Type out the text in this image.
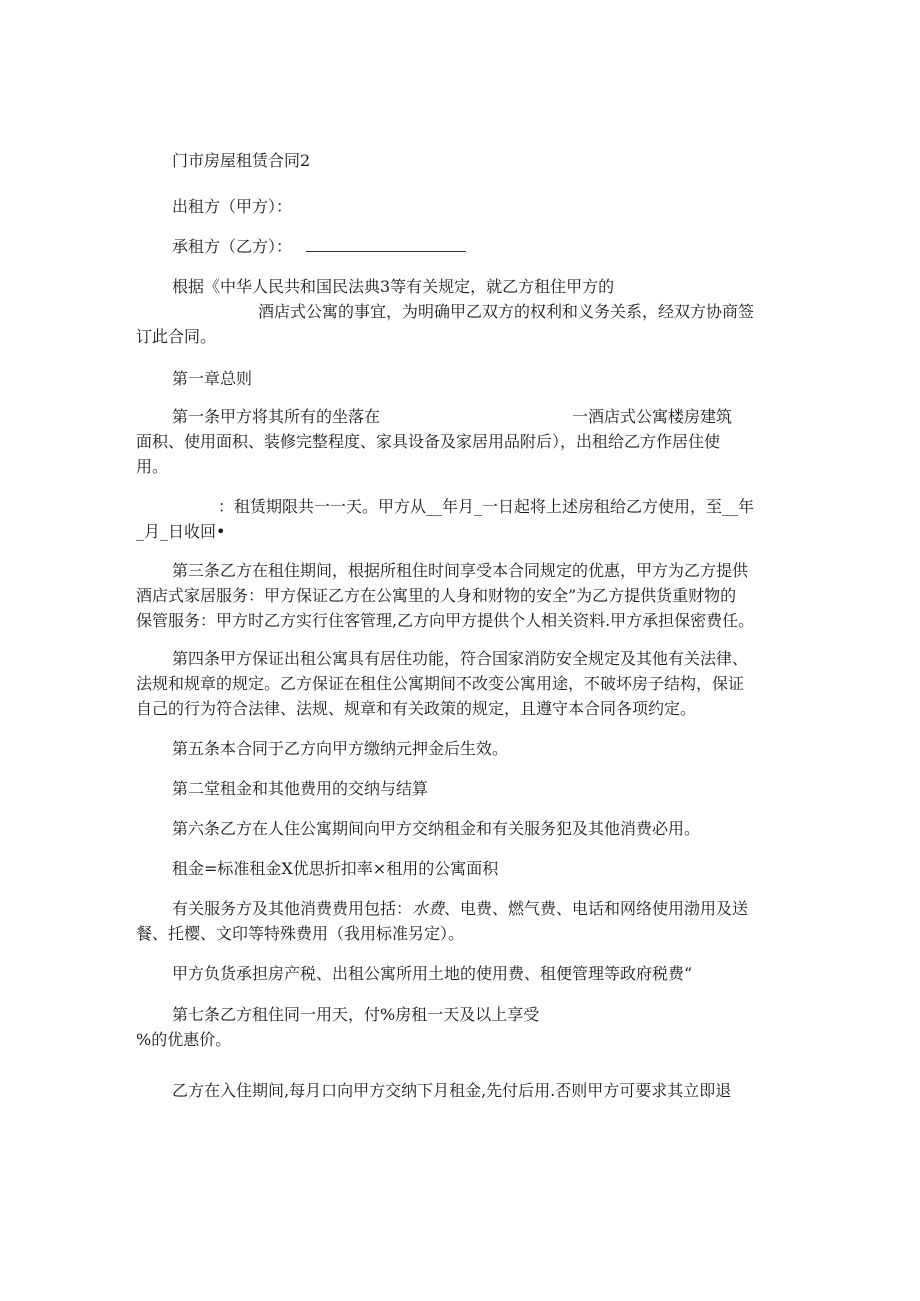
门市房屋租赁合同2
出租方（甲方）：
承租方（乙方）：
根据《中华人民共和国民法典3等有关规定，就乙方租住甲方的
酒店式公寓的事宜，为明确甲乙双方的权利和义务关系，经双方协商签
订此合同。
第一章总则
第一条甲方将其所有的坐落在	一酒店式公寓楼房建筑
面积、使用面积、装修完整程度、家具设备及家居用品附后），出租给乙方作居住使
用。
：租赁期限共一一天。甲方从__年月_一日起将上述房租给乙方使用，至__年
_月_日收回•
第三条乙方在租住期间，根据所租住时间享受本合同规定的优惠，甲方为乙方提供
酒店式家居服务：甲方保证乙方在公寓里的人身和财物的安全”为乙方提供货重财物的
保管服务：甲方时乙方实行住客管理,乙方向甲方提供个人相关资料.甲方承担保密费任。
第四条甲方保证出租公寓具有居住功能，符合国家消防安全规定及其他有关法律、
法规和规章的规定。乙方保证在租住公寓期间不改变公寓用途，不破坏房子结构，保证
自己的行为符合法律、法规、规章和有关政策的规定，且遵守本合同各项约定。
第五条本合同于乙方向甲方缴纳元押金后生效。
第二堂租金和其他费用的交纳与结算
第六条乙方在人住公寓期间向甲方交纳租金和有关服务犯及其他消费必用。
租金=标准租金X优思折扣率×租用的公寓面积
有关服务方及其他消费费用包括：水费、电费、燃气费、电话和网络使用渤用及送
餐、托樱、文印等特殊费用（我用标准另定）。
甲方负货承担房产税、出租公寓所用土地的使用费、租便管理等政府税费“
第七条乙方租住同一用天，付%房租一天及以上享受
%的优惠价。
乙方在入住期间,每月口向甲方交纳下月租金,先付后用.否则甲方可要求其立即退
